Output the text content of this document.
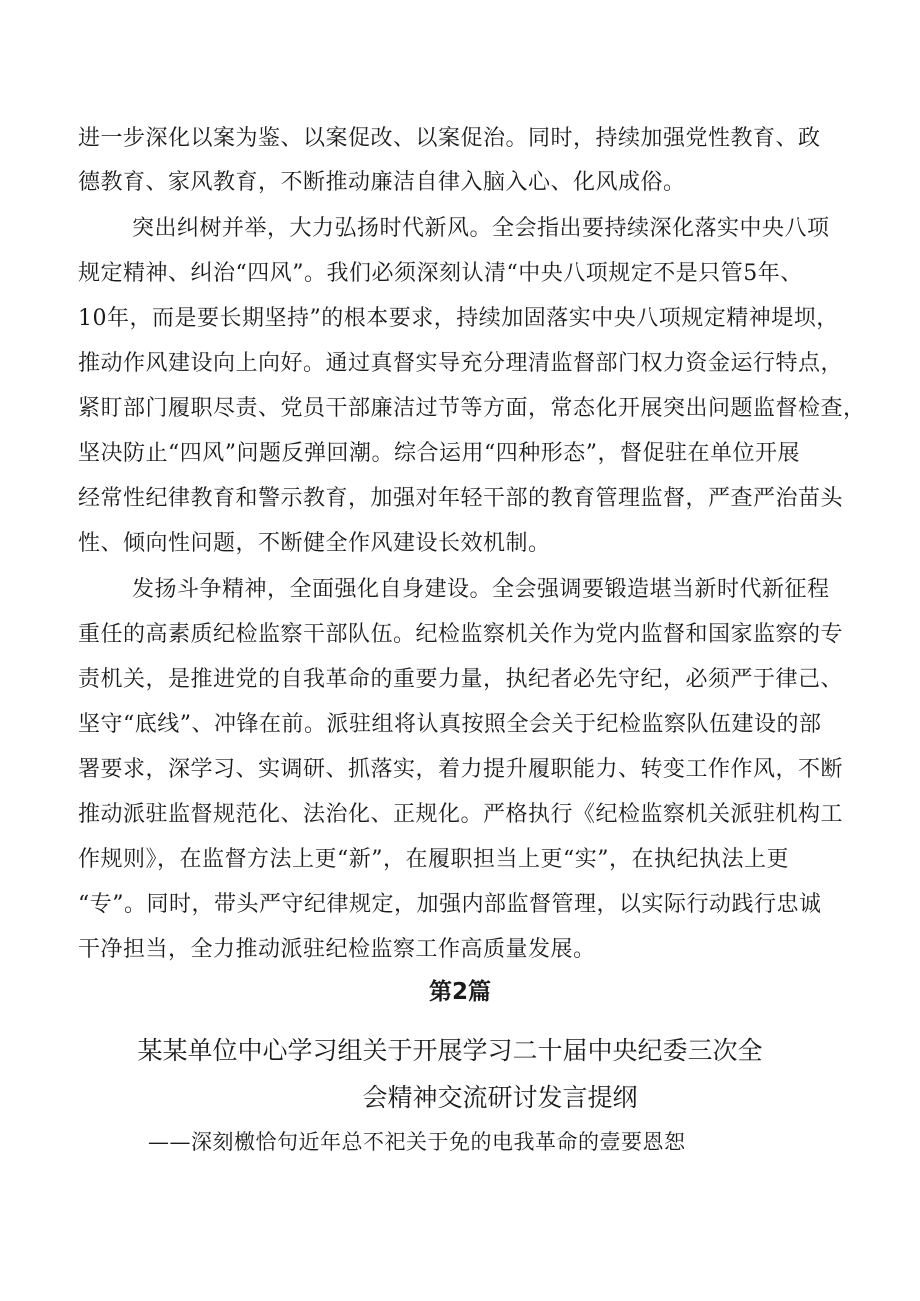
进一步深化以案为鉴、以案促改、以案促治。同时，持续加强党性教育、政
德教育、家风教育，不断推动廉洁自律入脑入心、化风成俗。
突出纠树并举，大力弘扬时代新风。全会指出要持续深化落实中央八项
规定精神、纠治“四风”。我们必须深刻认清“中央八项规定不是只管5年、
10年，而是要长期坚持”的根本要求，持续加固落实中央八项规定精神堤坝，
推动作风建设向上向好。通过真督实导充分理清监督部门权力资金运行特点，
紧盯部门履职尽责、党员干部廉洁过节等方面，常态化开展突出问题监督检查，
坚决防止“四风”问题反弹回潮。综合运用“四种形态”，督促驻在单位开展
经常性纪律教育和警示教育，加强对年轻干部的教育管理监督，严查严治苗头
性、倾向性问题，不断健全作风建设长效机制。
发扬斗争精神，全面强化自身建设。全会强调要锻造堪当新时代新征程
重任的高素质纪检监察干部队伍。纪检监察机关作为党内监督和国家监察的专
责机关，是推进党的自我革命的重要力量，执纪者必先守纪，必须严于律己、
坚守“底线”、冲锋在前。派驻组将认真按照全会关于纪检监察队伍建设的部
署要求，深学习、实调研、抓落实，着力提升履职能力、转变工作作风，不断
推动派驻监督规范化、法治化、正规化。严格执行《纪检监察机关派驻机构工
作规则》，在监督方法上更“新”，在履职担当上更“实”，在执纪执法上更
“专”。同时，带头严守纪律规定，加强内部监督管理，以实际行动践行忠诚
干净担当，全力推动派驻纪检监察工作高质量发展。
第2篇
某某单位中心学习组关于开展学习二十届中央纪委三次全
会精神交流研讨发言提纲
——深刻檄恰句近年总不祀关于免的电我革命的壹要恩恕
